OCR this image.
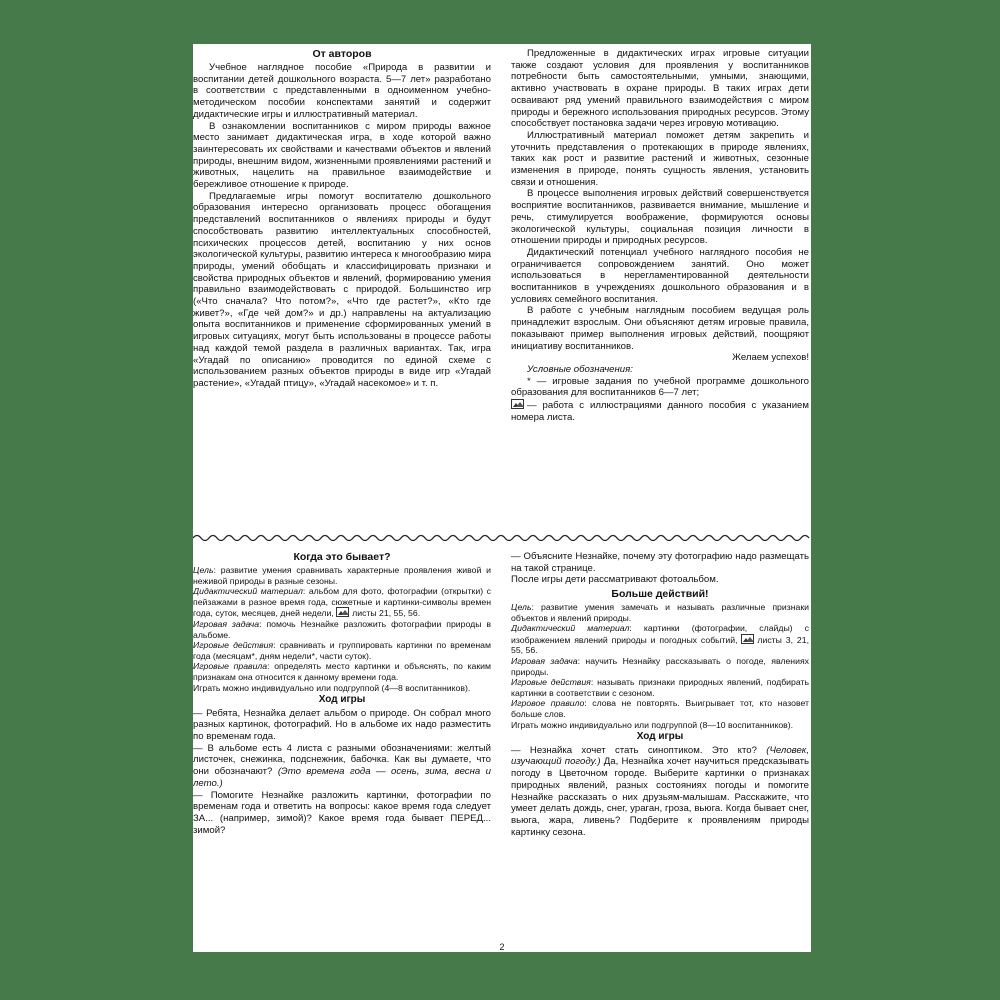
От авторов

Учебное наглядное пособие «Природа в развитии и воспитании детей дошкольного возраста. 5—7 лет» разработано в соответствии с представленными в одноименном учебно-методическом пособии конспектами занятий и содержит дидактические игры и иллюстративный материал.

В ознакомлении воспитанников с миром природы важное место занимает дидактическая игра, в ходе которой важно заинтересовать их свойствами и качествами объектов и явлений природы, внешним видом, жизненными проявлениями растений и животных, нацелить на правильное взаимодействие и бережливое отношение к природе.

Предлагаемые игры помогут воспитателю дошкольного образования интересно организовать процесс обогащения представлений воспитанников о явлениях природы и будут способствовать развитию интеллектуальных способностей, психических процессов детей, воспитанию у них основ экологической культуры, развитию интереса к многообразию мира природы, умений обобщать и классифицировать признаки и свойства природных объектов и явлений, формированию умения правильно взаимодействовать с природой. Большинство игр («Что сначала? Что потом?», «Что где растет?», «Кто где живет?», «Где чей дом?» и др.) направлены на актуализацию опыта воспитанников и применение сформированных умений в игровых ситуациях, могут быть использованы в процессе работы над каждой темой раздела в различных вариантах. Так, игра «Угадай по описанию» проводится по единой схеме с использованием разных объектов природы в виде игр «Угадай растение», «Угадай птицу», «Угадай насекомое» и т. п.

Предложенные в дидактических играх игровые ситуации также создают условия для проявления у воспитанников потребности быть самостоятельными, умными, знающими, активно участвовать в охране природы. В таких играх дети осваивают ряд умений правильного взаимодействия с миром природы и бережного использования природных ресурсов. Этому способствует постановка задачи через игровую мотивацию.

Иллюстративный материал поможет детям закрепить и уточнить представления о протекающих в природе явлениях, таких как рост и развитие растений и животных, сезонные изменения в природе, понять сущность явления, установить связи и отношения.

В процессе выполнения игровых действий совершенствуется восприятие воспитанников, развивается внимание, мышление и речь, стимулируется воображение, формируются основы экологической культуры, социальная позиция личности в отношении природы и природных ресурсов.

Дидактический потенциал учебного наглядного пособия не ограничивается сопровождением занятий. Оно может использоваться в нерегламентированной деятельности воспитанников в учреждениях дошкольного образования и в условиях семейного воспитания.

В работе с учебным наглядным пособием ведущая роль принадлежит взрослым. Они объясняют детям игровые правила, показывают пример выполнения игровых действий, поощряют инициативу воспитанников.

Желаем успехов!

Условные обозначения:

* — игровые задания по учебной программе дошкольного образования для воспитанников 6—7 лет;

— работа с иллюстрациями данного пособия с указанием номера листа.

Когда это бывает?

Цель: развитие умения сравнивать характерные проявления живой и неживой природы в разные сезоны.

Дидактический материал: альбом для фото, фотографии (открытки) с пейзажами в разное время года, сюжетные и картинки-символы времен года, суток, месяцев, дней недели, листы 21, 55, 56.

Игровая задача: помочь Незнайке разложить фотографии природы в альбоме.

Игровые действия: сравнивать и группировать картинки по временам года (месяцам*, дням недели*, части суток).

Игровые правила: определять место картинки и объяснять, по каким признакам она относится к данному времени года.

Играть можно индивидуально или подгруппой (4—8 воспитанников).

Ход игры

— Ребята, Незнайка делает альбом о природе. Он собрал много разных картинок, фотографий. Но в альбоме их надо разместить по временам года.

— В альбоме есть 4 листа с разными обозначениями: желтый листочек, снежинка, подснежник, бабочка. Как вы думаете, что они обозначают? (Это времена года — осень, зима, весна и лето.)

— Помогите Незнайке разложить картинки, фотографии по временам года и ответить на вопросы: какое время года следует ЗА... (например, зимой)? Какое время года бывает ПЕРЕД... зимой?

— Объясните Незнайке, почему эту фотографию надо размещать на такой странице.

После игры дети рассматривают фотоальбом.

Больше действий!

Цель: развитие умения замечать и называть различные признаки объектов и явлений природы.

Дидактический материал: картинки (фотографии, слайды) с изображением явлений природы и погодных событий, листы 3, 21, 55, 56.

Игровая задача: научить Незнайку рассказывать о погоде, явлениях природы.

Игровые действия: называть признаки природных явлений, подбирать картинки в соответствии с сезоном.

Игровое правило: слова не повторять. Выигрывает тот, кто назовет больше слов.

Играть можно индивидуально или подгруппой (8—10 воспитанников).

Ход игры

— Незнайка хочет стать синоптиком. Это кто? (Человек, изучающий погоду.) Да, Незнайка хочет научиться предсказывать погоду в Цветочном городе. Выберите картинки о признаках природных явлений, разных состояниях погоды и помогите Незнайке рассказать о них друзьям-малышам. Расскажите, что умеет делать дождь, снег, ураган, гроза, вьюга. Когда бывает снег, вьюга, жара, ливень? Подберите к проявлениям природы картинку сезона.

2
